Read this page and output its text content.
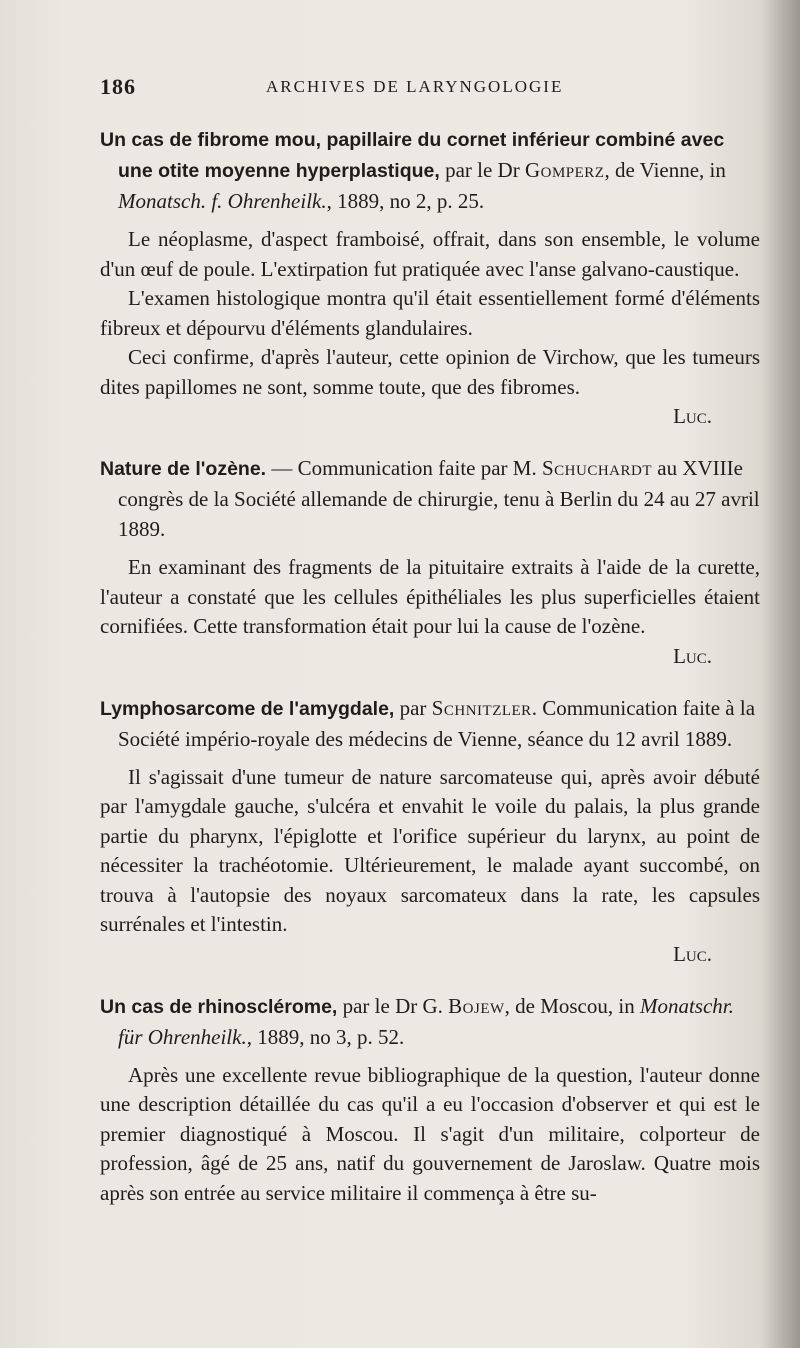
186	ARCHIVES DE LARYNGOLOGIE

Un cas de fibrome mou, papillaire du cornet inférieur combiné avec une otite moyenne hyperplastique, par le Dr Gomperz, de Vienne, in Monatsch. f. Ohrenheilk., 1889, no 2, p. 25.

Le néoplasme, d'aspect framboisé, offrait, dans son ensemble, le volume d'un œuf de poule. L'extirpation fut pratiquée avec l'anse galvano-caustique.

L'examen histologique montra qu'il était essentiellement formé d'éléments fibreux et dépourvu d'éléments glandulaires.

Ceci confirme, d'après l'auteur, cette opinion de Virchow, que les tumeurs dites papillomes ne sont, somme toute, que des fibromes.

Luc.

Nature de l'ozène. — Communication faite par M. Schuchardt au XVIIIe congrès de la Société allemande de chirurgie, tenu à Berlin du 24 au 27 avril 1889.

En examinant des fragments de la pituitaire extraits à l'aide de la curette, l'auteur a constaté que les cellules épithéliales les plus superficielles étaient cornifiées. Cette transformation était pour lui la cause de l'ozène.

Luc.

Lymphosarcome de l'amygdale, par Schnitzler. Communication faite à la Société império-royale des médecins de Vienne, séance du 12 avril 1889.

Il s'agissait d'une tumeur de nature sarcomateuse qui, après avoir débuté par l'amygdale gauche, s'ulcéra et envahit le voile du palais, la plus grande partie du pharynx, l'épiglotte et l'orifice supérieur du larynx, au point de nécessiter la trachéotomie. Ultérieurement, le malade ayant succombé, on trouva à l'autopsie des noyaux sarcomateux dans la rate, les capsules surrénales et l'intestin.

Luc.

Un cas de rhinosclérome, par le Dr G. Bojew, de Moscou, in Monatschr. für Ohrenheilk., 1889, no 3, p. 52.

Après une excellente revue bibliographique de la question, l'auteur donne une description détaillée du cas qu'il a eu l'occasion d'observer et qui est le premier diagnostiqué à Moscou. Il s'agit d'un militaire, colporteur de profession, âgé de 25 ans, natif du gouvernement de Jaroslaw. Quatre mois après son entrée au service militaire il commença à être su-
